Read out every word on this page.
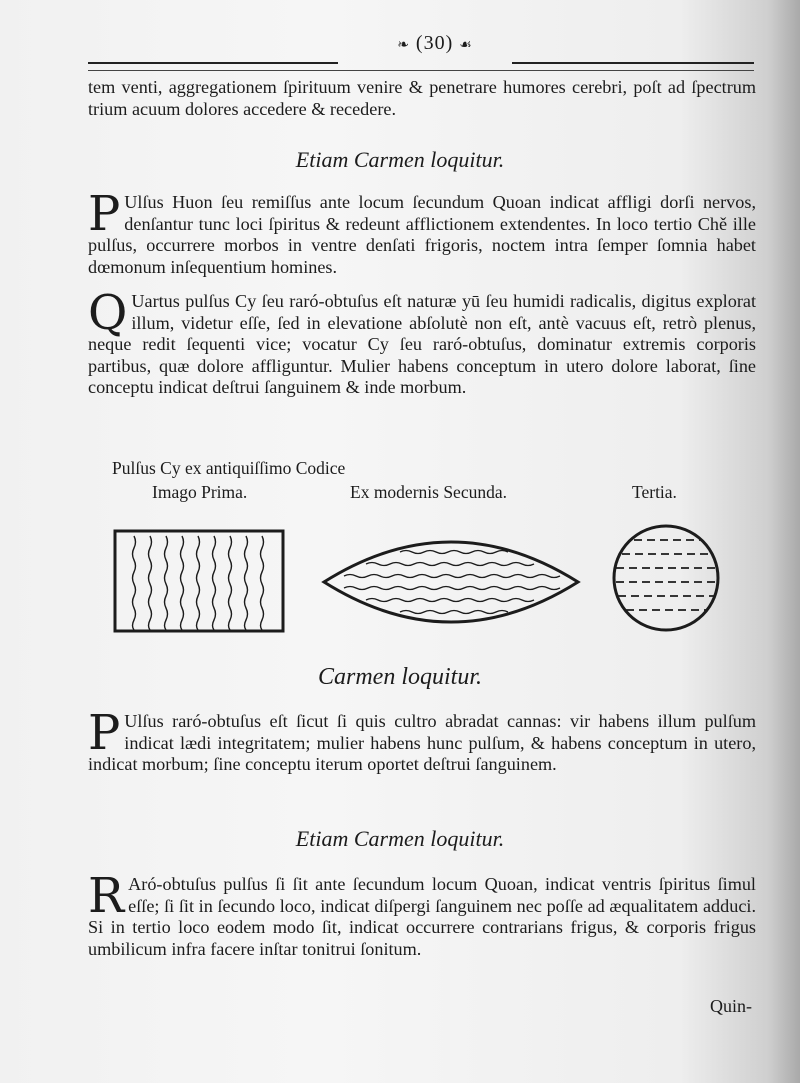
❧ (30) ☙
tem venti, aggregationem ſpirituum venire & penetrare humores cerebri, poſt ad ſpectrum trium acuum dolores accedere & recedere.
Etiam Carmen loquitur.
P Ulſus Huon ſeu remiſſus ante locum ſecundum Quoan indicat affligi dorſi nervos, denſantur tunc loci ſpiritus & redeunt afflictionem extendentes. In loco tertio Chě ille pulſus, occurrere morbos in ventre denſati frigoris, noctem intra ſemper ſomnia habet dœmonum inſequentium homines.
Q Uartus pulſus Cy ſeu raró-obtuſus eſt naturæ yū ſeu humidi radicalis, digitus explorat illum, videtur eſſe, ſed in elevatione abſolutè non eſt, antè vacuus eſt, retrò plenus, neque redit ſequenti vice; vocatur Cy ſeu raró-obtuſus, dominatur extremis corporis partibus, quæ dolore affliguntur. Mulier habens conceptum in utero dolore laborat, ſine conceptu indicat deſtrui ſanguinem & inde morbum.
Pulſus Cy ex antiquiſſimo Codice
Imago Prima.	Ex modernis Secunda.	Tertia.
Carmen loquitur.
P Ulſus raró-obtuſus eſt ſicut ſi quis cultro abradat cannas: vir habens illum pulſum indicat lædi integritatem; mulier habens hunc pulſum, & habens conceptum in utero, indicat morbum; ſine conceptu iterum oportet deſtrui ſanguinem.
Etiam Carmen loquitur.
R Aró-obtuſus pulſus ſi ſit ante ſecundum locum Quoan, indicat ventris ſpiritus ſimul eſſe; ſi ſit in ſecundo loco, indicat diſpergi ſanguinem nec poſſe ad æqualitatem adduci. Si in tertio loco eodem modo ſit, indicat occurrere contrarians frigus, & corporis frigus umbilicum infra facere inſtar tonitrui ſonitum.
Quin-
